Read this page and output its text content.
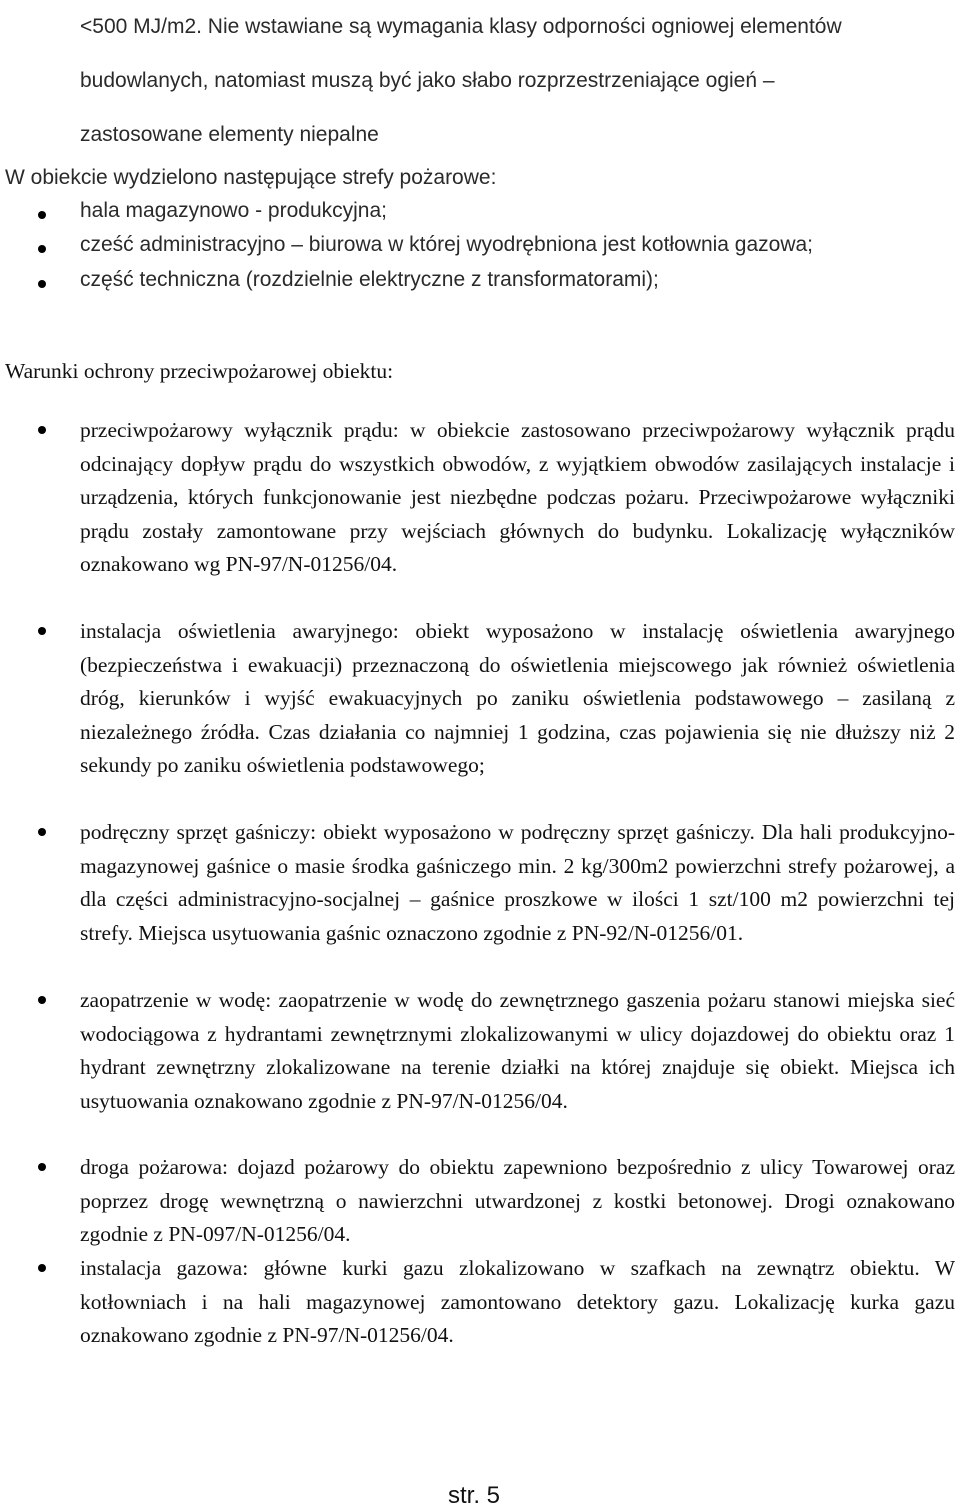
<500 MJ/m2. Nie wstawiane są wymagania klasy odporności ogniowej elementów
budowlanych, natomiast muszą być jako słabo rozprzestrzeniające ogień –
zastosowane elementy niepalne
W obiekcie wydzielono następujące strefy pożarowe:
hala magazynowo - produkcyjna;
cześć administracyjno – biurowa w której wyodrębniona jest kotłownia gazowa;
część techniczna (rozdzielnie elektryczne z transformatorami);
Warunki ochrony przeciwpożarowej obiektu:
przeciwpożarowy wyłącznik prądu: w obiekcie zastosowano przeciwpożarowy wyłącznik prądu odcinający dopływ prądu do wszystkich obwodów, z wyjątkiem obwodów zasilających instalacje i urządzenia, których funkcjonowanie jest niezbędne podczas pożaru. Przeciwpożarowe wyłączniki prądu zostały zamontowane przy wejściach głównych do budynku. Lokalizację wyłączników oznakowano wg PN-97/N-01256/04.
instalacja oświetlenia awaryjnego: obiekt wyposażono w instalację oświetlenia awaryjnego (bezpieczeństwa i ewakuacji) przeznaczoną do oświetlenia miejscowego jak również oświetlenia dróg, kierunków i wyjść ewakuacyjnych po zaniku oświetlenia podstawowego – zasilaną z niezależnego źródła. Czas działania co najmniej 1 godzina, czas pojawienia się nie dłuższy niż 2 sekundy po zaniku oświetlenia podstawowego;
podręczny sprzęt gaśniczy: obiekt wyposażono w podręczny sprzęt gaśniczy. Dla hali produkcyjno-magazynowej gaśnice o masie środka gaśniczego min. 2 kg/300m2 powierzchni strefy pożarowej, a dla części administracyjno-socjalnej – gaśnice proszkowe w ilości 1 szt/100 m2 powierzchni tej strefy. Miejsca usytuowania gaśnic oznaczono zgodnie z PN-92/N-01256/01.
zaopatrzenie w wodę: zaopatrzenie w wodę do zewnętrznego gaszenia pożaru stanowi miejska sieć wodociągowa z hydrantami zewnętrznymi zlokalizowanymi w ulicy dojazdowej do obiektu oraz 1 hydrant zewnętrzny zlokalizowane na terenie działki na której znajduje się obiekt. Miejsca ich usytuowania oznakowano zgodnie z PN-97/N-01256/04.
droga pożarowa: dojazd pożarowy do obiektu zapewniono bezpośrednio z ulicy Towarowej oraz poprzez drogę wewnętrzną o nawierzchni utwardzonej z kostki betonowej. Drogi oznakowano zgodnie z PN-097/N-01256/04.
instalacja gazowa: główne kurki gazu zlokalizowano w szafkach na zewnątrz obiektu. W kotłowniach i na hali magazynowej zamontowano detektory gazu. Lokalizację kurka gazu oznakowano zgodnie z PN-97/N-01256/04.
str. 5
